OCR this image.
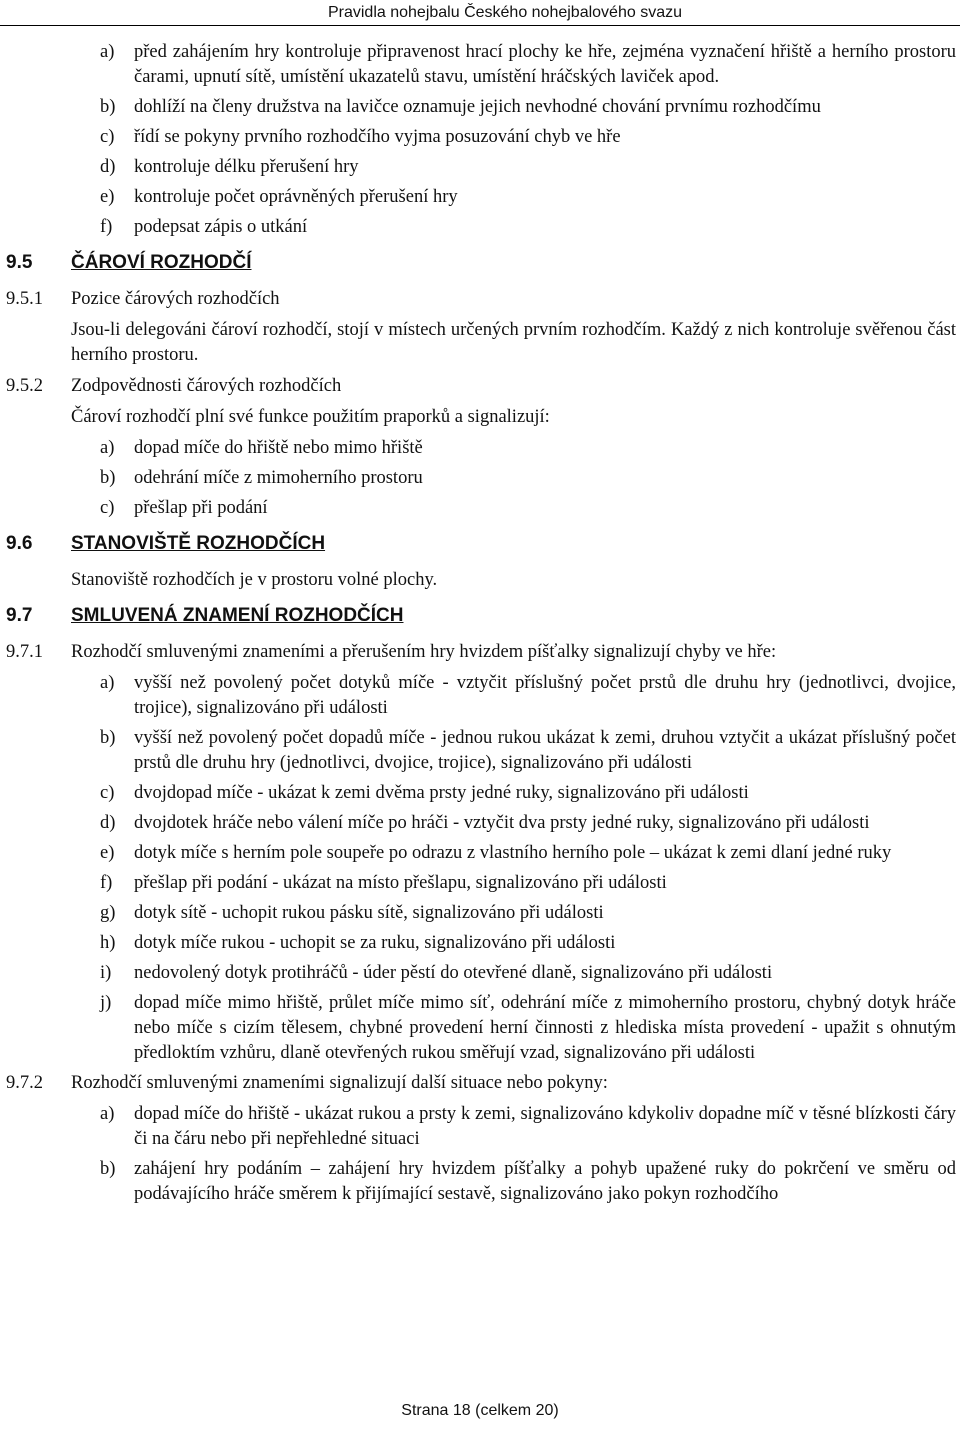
Pravidla nohejbalu Českého nohejbalového svazu
a) před zahájením hry kontroluje připravenost hrací plochy ke hře, zejména vyznačení hřiště a herního prostoru čarami, upnutí sítě, umístění ukazatelů stavu, umístění hráčských laviček apod.
b) dohlíží na členy družstva na lavičce oznamuje jejich nevhodné chování prvnímu rozhodčímu
c) řídí se pokyny prvního rozhodčího vyjma posuzování chyb ve hře
d) kontroluje délku přerušení hry
e) kontroluje počet oprávněných přerušení hry
f) podepsat zápis o utkání
9.5 ČÁROVÍ ROZHODČÍ
9.5.1 Pozice čárových rozhodčích
Jsou-li delegováni čároví rozhodčí, stojí v místech určených prvním rozhodčím. Každý z nich kontroluje svěřenou část herního prostoru.
9.5.2 Zodpovědnosti čárových rozhodčích
Čároví rozhodčí plní své funkce použitím praporků a signalizují:
a) dopad míče do hřiště nebo mimo hřiště
b) odehrání míče z mimoherního prostoru
c) přešlap při podání
9.6 STANOVIŠTĚ ROZHODČÍCH
Stanoviště rozhodčích je v prostoru volné plochy.
9.7 SMLUVENÁ ZNAMENÍ ROZHODČÍCH
9.7.1 Rozhodčí smluvenými znameními a přerušením hry hvizdem píšťalky signalizují chyby ve hře:
a) vyšší než povolený počet dotyků míče - vztyčit příslušný počet prstů dle druhu hry (jednotlivci, dvojice, trojice), signalizováno při události
b) vyšší než povolený počet dopadů míče - jednou rukou ukázat k zemi, druhou vztyčit a ukázat příslušný počet prstů dle druhu hry (jednotlivci, dvojice, trojice), signalizováno při události
c) dvojdopad míče - ukázat k zemi dvěma prsty jedné ruky, signalizováno při události
d) dvojdotek hráče nebo válení míče po hráči - vztyčit dva prsty jedné ruky, signalizováno při události
e) dotyk míče s herním pole soupeře po odrazu z vlastního herního pole – ukázat k zemi dlaní jedné ruky
f) přešlap při podání - ukázat na místo přešlapu, signalizováno při události
g) dotyk sítě - uchopit rukou pásku sítě, signalizováno při události
h) dotyk míče rukou - uchopit se za ruku, signalizováno při události
i) nedovolený dotyk protihráčů - úder pěstí do otevřené dlaně, signalizováno při události
j) dopad míče mimo hřiště, průlet míče mimo síť, odehrání míče z mimoherního prostoru, chybný dotyk hráče nebo míče s cizím tělesem, chybné provedení herní činnosti z hlediska místa provedení - upažit s ohnutým předloktím vzhůru, dlaně otevřených rukou směřují vzad, signalizováno při události
9.7.2 Rozhodčí smluvenými znameními signalizují další situace nebo pokyny:
a) dopad míče do hřiště - ukázat rukou a prsty k zemi, signalizováno kdykoliv dopadne míč v těsné blízkosti čáry či na čáru nebo při nepřehledné situaci
b) zahájení hry podáním – zahájení hry hvizdem píšťalky a pohyb upažené ruky do pokrčení ve směru od podávajícího hráče směrem k přijímající sestavě, signalizováno jako pokyn rozhodčího
Strana 18 (celkem 20)
